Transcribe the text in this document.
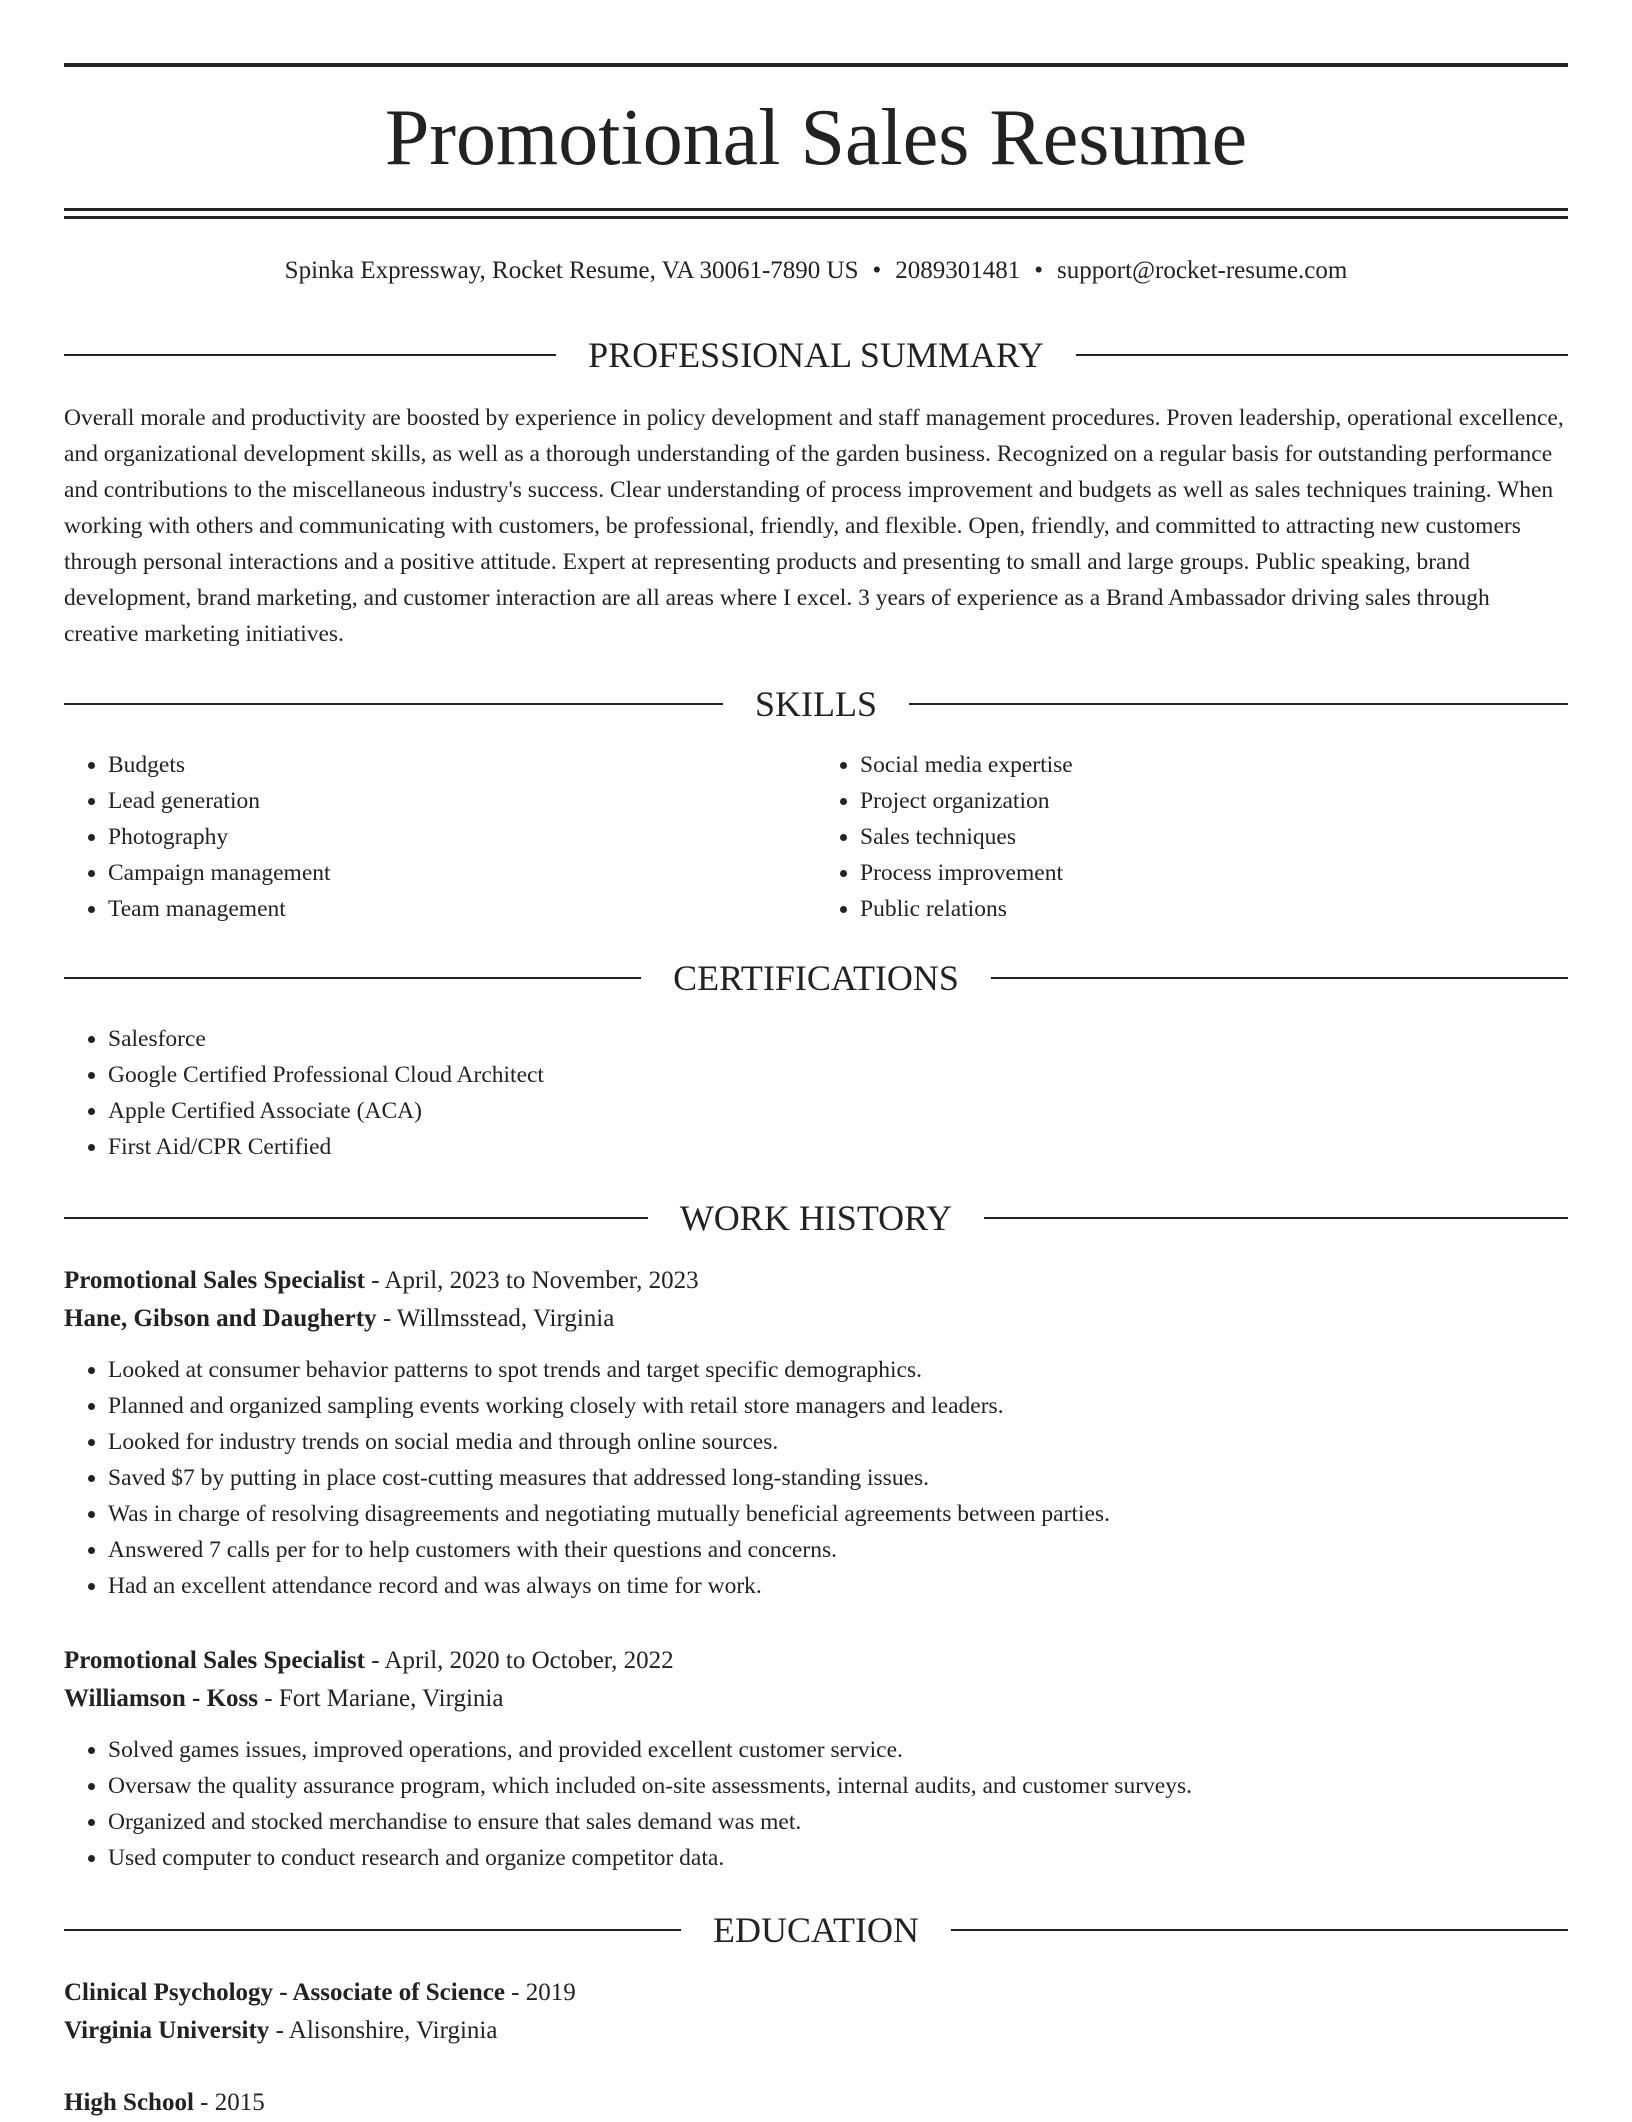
Promotional Sales Resume
Spinka Expressway, Rocket Resume, VA 30061-7890 US • 2089301481 • support@rocket-resume.com
PROFESSIONAL SUMMARY

Overall morale and productivity are boosted by experience in policy development and staff management procedures. Proven leadership, operational excellence, and organizational development skills, as well as a thorough understanding of the garden business. Recognized on a regular basis for outstanding performance and contributions to the miscellaneous industry's success. Clear understanding of process improvement and budgets as well as sales techniques training. When working with others and communicating with customers, be professional, friendly, and flexible. Open, friendly, and committed to attracting new customers through personal interactions and a positive attitude. Expert at representing products and presenting to small and large groups. Public speaking, brand development, brand marketing, and customer interaction are all areas where I excel. 3 years of experience as a Brand Ambassador driving sales through creative marketing initiatives.

SKILLS
• Budgets
• Lead generation
• Photography
• Campaign management
• Team management
• Social media expertise
• Project organization
• Sales techniques
• Process improvement
• Public relations
CERTIFICATIONS
• Salesforce
• Google Certified Professional Cloud Architect
• Apple Certified Associate (ACA)
• First Aid/CPR Certified
WORK HISTORY
Promotional Sales Specialist - April, 2023 to November, 2023
Hane, Gibson and Daugherty - Willmsstead, Virginia
• Looked at consumer behavior patterns to spot trends and target specific demographics.
• Planned and organized sampling events working closely with retail store managers and leaders.
• Looked for industry trends on social media and through online sources.
• Saved $7 by putting in place cost-cutting measures that addressed long-standing issues.
• Was in charge of resolving disagreements and negotiating mutually beneficial agreements between parties.
• Answered 7 calls per for to help customers with their questions and concerns.
• Had an excellent attendance record and was always on time for work.
Promotional Sales Specialist - April, 2020 to October, 2022
Williamson - Koss - Fort Mariane, Virginia
• Solved games issues, improved operations, and provided excellent customer service.
• Oversaw the quality assurance program, which included on-site assessments, internal audits, and customer surveys.
• Organized and stocked merchandise to ensure that sales demand was met.
• Used computer to conduct research and organize competitor data.
EDUCATION
Clinical Psychology - Associate of Science - 2019
Virginia University - Alisonshire, Virginia
High School - 2015
